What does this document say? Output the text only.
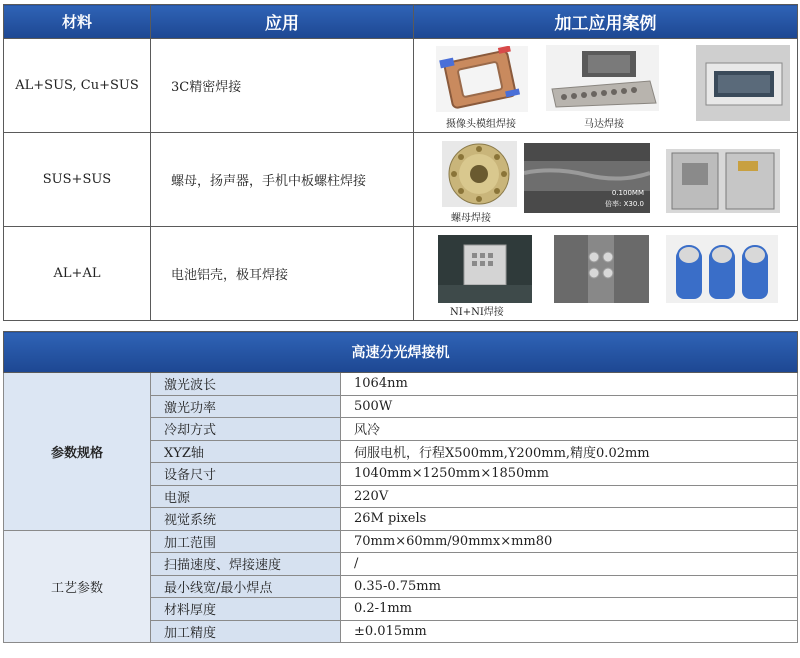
材料	应用	加工应用案例
AL+SUS, Cu+SUS	3C精密焊接	摄像头模组焊接 马达焊接

SUS+SUS	螺母，扬声器，手机中板螺柱焊接	螺母焊接
0.100MM
倍率: X30.0

AL+AL	电池铝壳，极耳焊接	NI+NI焊接
高速分光焊接机		
参数规格	激光波长	1064nm
	激光功率	500W
	冷却方式	风冷
	XYZ轴	伺服电机，行程X500mm,Y200mm,精度0.02mm
	设备尺寸	1040mm×1250mm×1850mm
	电源	220V
	视觉系统	26M pixels
工艺参数	加工范围	70mm×60mm/90mmx×mm80
	扫描速度、焊接速度	/
	最小线宽/最小焊点	0.35-0.75mm
	材料厚度	0.2-1mm
	加工精度	±0.015mm
